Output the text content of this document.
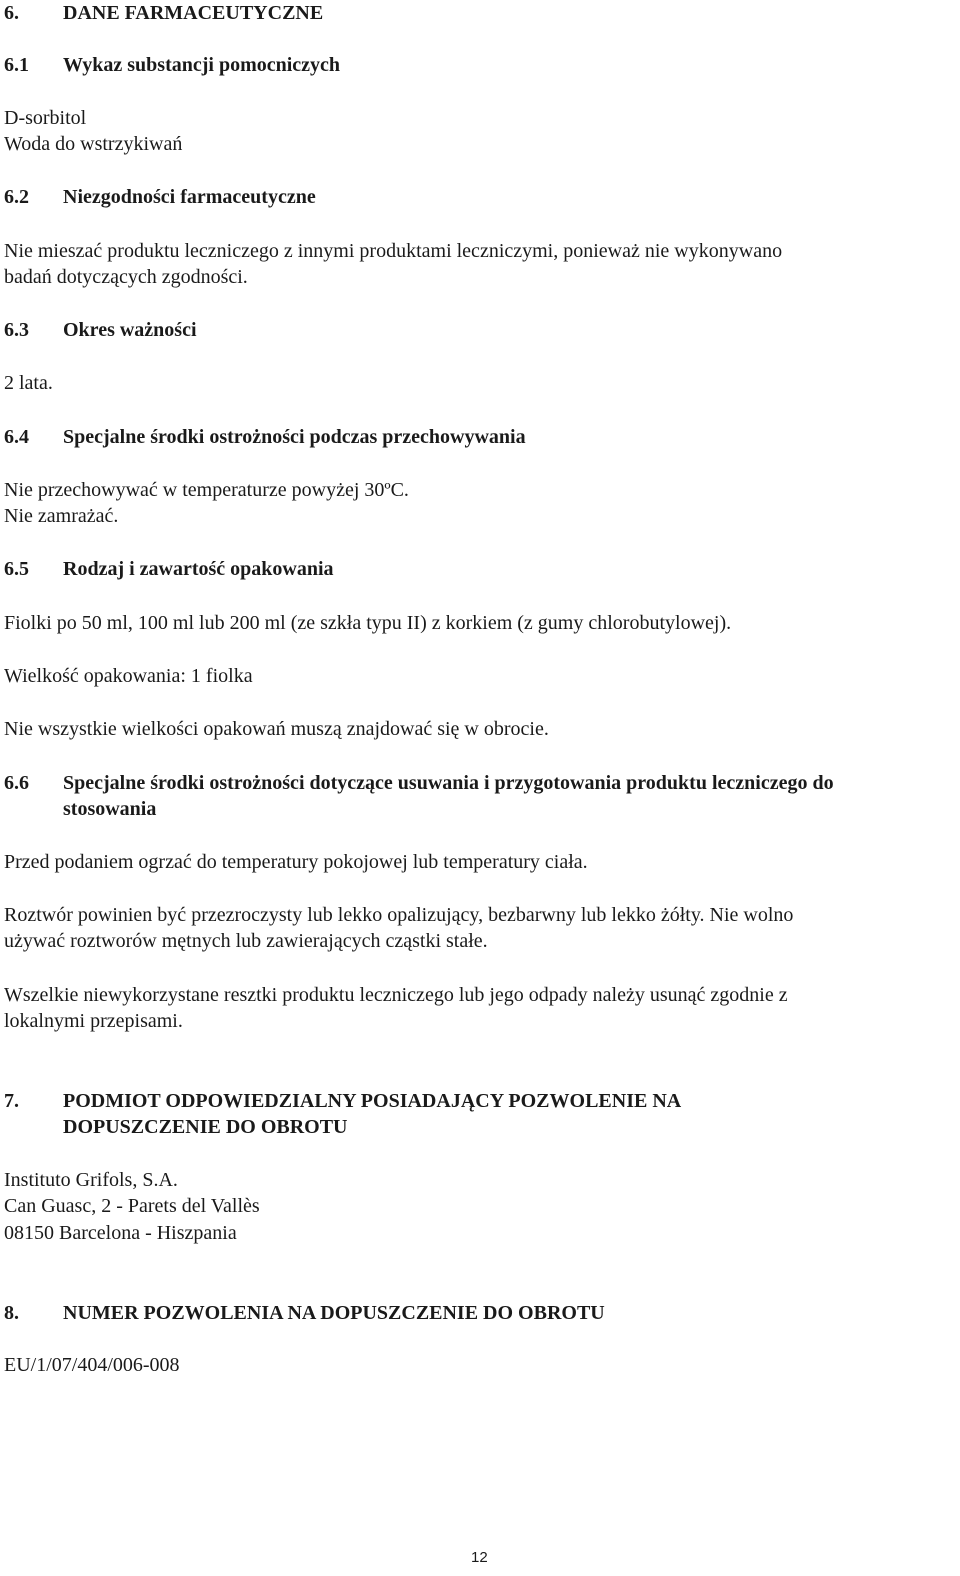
6. DANE FARMACEUTYCZNE
6.1 Wykaz substancji pomocniczych
D-sorbitol
Woda do wstrzykiwań
6.2 Niezgodności farmaceutyczne
Nie mieszać produktu leczniczego z innymi produktami leczniczymi, ponieważ nie wykonywano
badań dotyczących zgodności.
6.3 Okres ważności
2 lata.
6.4 Specjalne środki ostrożności podczas przechowywania
Nie przechowywać w temperaturze powyżej 30ºC.
Nie zamrażać.
6.5 Rodzaj i zawartość opakowania
Fiolki po 50 ml, 100 ml lub 200 ml (ze szkła typu II) z korkiem (z gumy chlorobutylowej).
Wielkość opakowania: 1 fiolka
Nie wszystkie wielkości opakowań muszą znajdować się w obrocie.
6.6 Specjalne środki ostrożności dotyczące usuwania i przygotowania produktu leczniczego do
stosowania
Przed podaniem ogrzać do temperatury pokojowej lub temperatury ciała.
Roztwór powinien być przezroczysty lub lekko opalizujący, bezbarwny lub lekko żółty. Nie wolno
używać roztworów mętnych lub zawierających cząstki stałe.
Wszelkie niewykorzystane resztki produktu leczniczego lub jego odpady należy usunąć zgodnie z
lokalnymi przepisami.
7. PODMIOT ODPOWIEDZIALNY POSIADAJĄCY POZWOLENIE NA
DOPUSZCZENIE DO OBROTU
Instituto Grifols, S.A.
Can Guasc, 2 - Parets del Vallès
08150 Barcelona - Hiszpania
8. NUMER POZWOLENIA NA DOPUSZCZENIE DO OBROTU
EU/1/07/404/006-008
12
